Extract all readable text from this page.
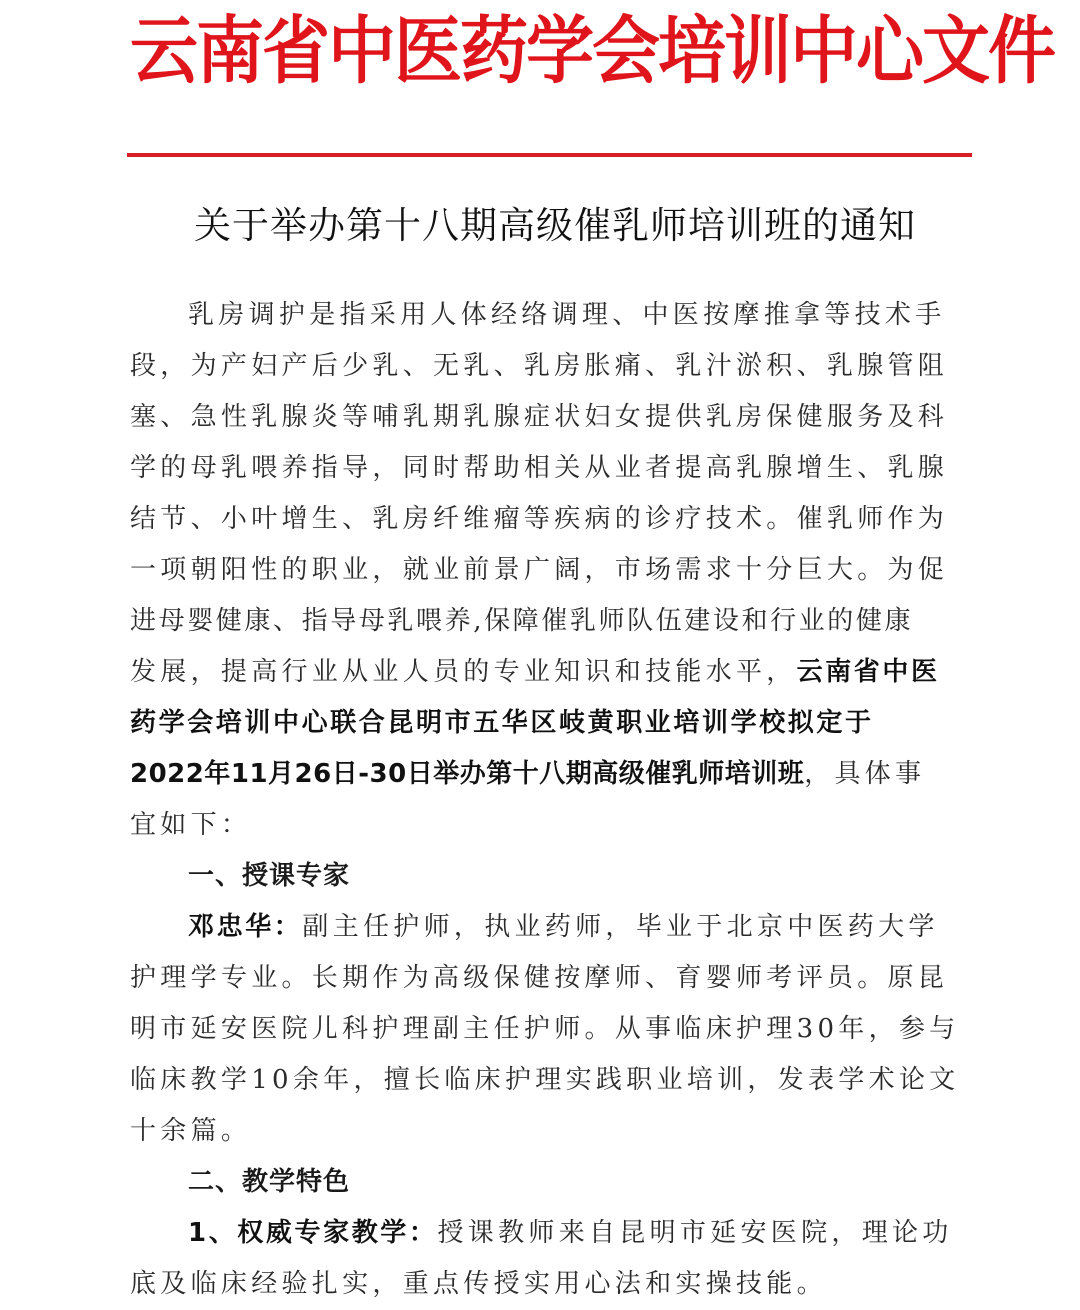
云南省中医药学会培训中心文件
关于举办第十八期高级催乳师培训班的通知
乳房调护是指采用人体经络调理、中医按摩推拿等技术手
段，为产妇产后少乳、无乳、乳房胀痛、乳汁淤积、乳腺管阻
塞、急性乳腺炎等哺乳期乳腺症状妇女提供乳房保健服务及科
学的母乳喂养指导，同时帮助相关从业者提高乳腺增生、乳腺
结节、小叶增生、乳房纤维瘤等疾病的诊疗技术。催乳师作为
一项朝阳性的职业，就业前景广阔，市场需求十分巨大。为促
进母婴健康、指导母乳喂养,保障催乳师队伍建设和行业的健康
发展，提高行业从业人员的专业知识和技能水平，云南省中医
药学会培训中心联合昆明市五华区岐黄职业培训学校拟定于
2022年11月26日-30日举办第十八期高级催乳师培训班，具体事
宜如下：
一、授课专家
邓忠华：副主任护师，执业药师，毕业于北京中医药大学
护理学专业。长期作为高级保健按摩师、育婴师考评员。原昆
明市延安医院儿科护理副主任护师。从事临床护理30年，参与
临床教学10余年，擅长临床护理实践职业培训，发表学术论文
十余篇。
二、教学特色
1、权威专家教学：授课教师来自昆明市延安医院，理论功
底及临床经验扎实，重点传授实用心法和实操技能。
